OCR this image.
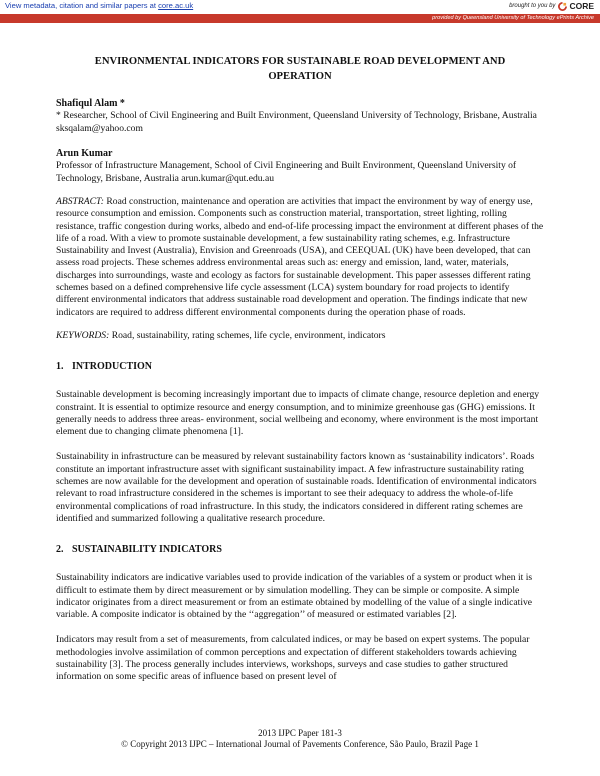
View metadata, citation and similar papers at core.ac.uk	brought to you by CORE
provided by Queensland University of Technology ePrints Archive
ENVIRONMENTAL INDICATORS FOR SUSTAINABLE ROAD DEVELOPMENT AND OPERATION
Shafiqul Alam *
* Researcher, School of Civil Engineering and Built Environment, Queensland University of Technology, Brisbane, Australia sksqalam@yahoo.com
Arun Kumar
Professor of Infrastructure Management, School of Civil Engineering and Built Environment, Queensland University of Technology, Brisbane, Australia arun.kumar@qut.edu.au

ABSTRACT: Road construction, maintenance and operation are activities that impact the environment by way of energy use, resource consumption and emission. Components such as construction material, transportation, street lighting, rolling resistance, traffic congestion during works, albedo and end-of-life processing impact the environment at different phases of the life of a road. With a view to promote sustainable development, a few sustainability rating schemes, e.g. Infrastructure Sustainability and Invest (Australia), Envision and Greenroads (USA), and CEEQUAL (UK) have been developed, that can assess road projects. These schemes address environmental areas such as: energy and emission, land, water, materials, discharges into surroundings, waste and ecology as factors for sustainable development. This paper assesses different rating schemes based on a defined comprehensive life cycle assessment (LCA) system boundary for road projects to identify different environmental indicators that address sustainable road development and operation. The findings indicate that new indicators are required to address different environmental components during the operation phase of roads.

KEYWORDS: Road, sustainability, rating schemes, life cycle, environment, indicators

1. INTRODUCTION

Sustainable development is becoming increasingly important due to impacts of climate change, resource depletion and energy constraint. It is essential to optimize resource and energy consumption, and to minimize greenhouse gas (GHG) emissions. It generally needs to address three areas- environment, social wellbeing and economy, where environment is the most important element due to changing climate phenomena [1].

Sustainability in infrastructure can be measured by relevant sustainability factors known as ‘sustainability indicators’. Roads constitute an important infrastructure asset with significant sustainability impact. A few infrastructure sustainability rating schemes are now available for the development and operation of sustainable roads. Identification of environmental indicators relevant to road infrastructure considered in the schemes is important to see their adequacy to address the whole-of-life environmental complications of road infrastructure. In this study, the indicators considered in different rating schemes are identified and summarized following a qualitative research procedure.

2. SUSTAINABILITY INDICATORS

Sustainability indicators are indicative variables used to provide indication of the variables of a system or product when it is difficult to estimate them by direct measurement or by simulation modelling. They can be simple or composite. A simple indicator originates from a direct measurement or from an estimate obtained by modelling of the value of a single indicative variable. A composite indicator is obtained by the ‘‘aggregation’’ of measured or estimated variables [2].

Indicators may result from a set of measurements, from calculated indices, or may be based on expert systems. The popular methodologies involve assimilation of common perceptions and expectation of different stakeholders towards achieving sustainability [3]. The process generally includes interviews, workshops, surveys and case studies to gather structured information on some specific areas of influence based on present level of

2013 IJPC Paper 181-3
© Copyright 2013 IJPC – International Journal of Pavements Conference, São Paulo, Brazil Page 1
